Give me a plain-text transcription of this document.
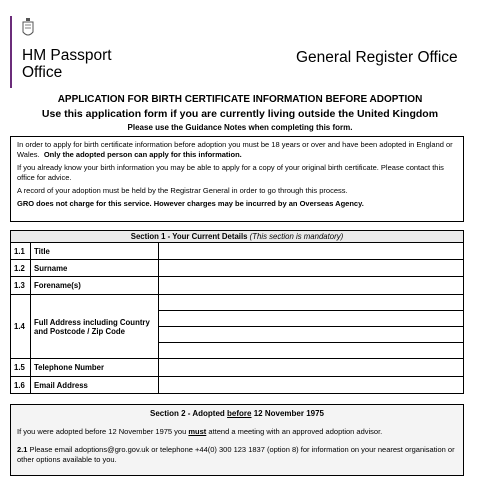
HM Passport
Office
General Register Office
APPLICATION FOR BIRTH CERTIFICATE INFORMATION BEFORE ADOPTION
Use this application form if you are currently living outside the United Kingdom
Please use the Guidance Notes when completing this form.

In order to apply for birth certificate information before adoption you must be 18 years or over and have been adopted in England or Wales. Only the adopted person can apply for this information.

If you already know your birth information you may be able to apply for a copy of your original birth certificate. Please contact this office for advice.

A record of your adoption must be held by the Registrar General in order to go through this process.

GRO does not charge for this service. However charges may be incurred by an Overseas Agency.

Section 1 - Your Current Details (This section is mandatory)		
1.1	Title	
1.2	Surname	
1.3	Forename(s)	
1.4	Full Address including Country and Postcode / Zip Code	

1.5	Telephone Number	
1.6	Email Address	
Section 2 - Adopted before 12 November 1975

If you were adopted before 12 November 1975 you must attend a meeting with an approved adoption advisor.

2.1 Please email adoptions@gro.gov.uk or telephone +44(0) 300 123 1837 (option 8) for information on your nearest organisation or other options available to you.
